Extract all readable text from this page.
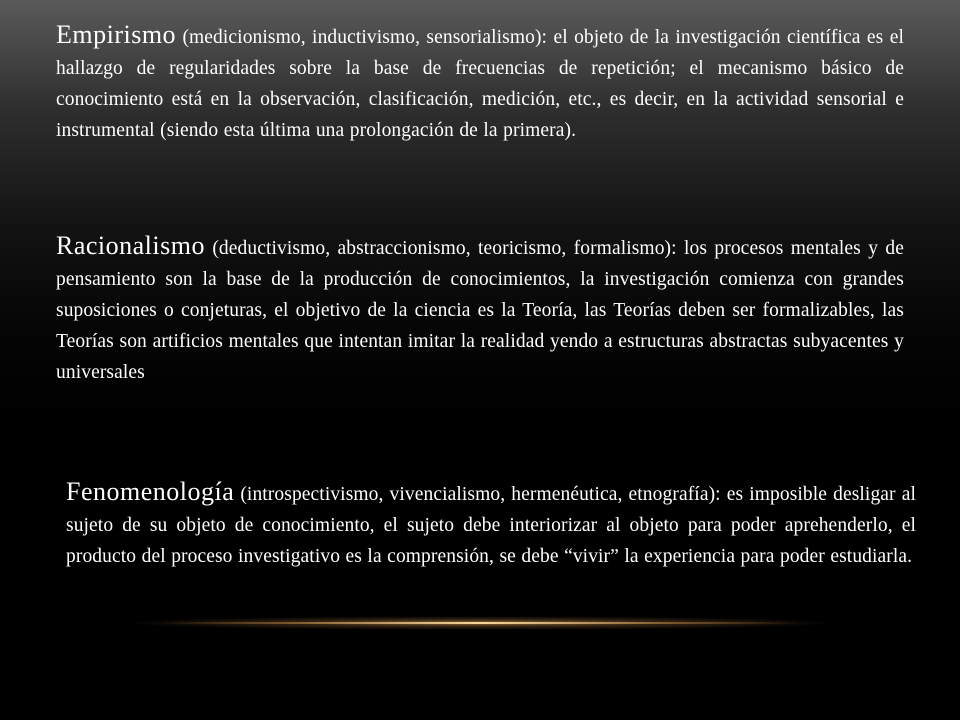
Empirismo (medicionismo, inductivismo, sensorialismo): el objeto de la investigación científica es el hallazgo de regularidades sobre la base de frecuencias de repetición; el mecanismo básico de conocimiento está en la observación, clasificación, medición, etc., es decir, en la actividad sensorial e instrumental (siendo esta última una prolongación de la primera).

Racionalismo (deductivismo, abstraccionismo, teoricismo, formalismo): los procesos mentales y de pensamiento son la base de la producción de conocimientos, la investigación comienza con grandes suposiciones o conjeturas, el objetivo de la ciencia es la Teoría, las Teorías deben ser formalizables, las Teorías son artificios mentales que intentan imitar la realidad yendo a estructuras abstractas subyacentes y universales

Fenomenología (introspectivismo, vivencialismo, hermenéutica, etnografía): es imposible desligar al sujeto de su objeto de conocimiento, el sujeto debe interiorizar al objeto para poder aprehenderlo, el producto del proceso investigativo es la comprensión, se debe “vivir” la experiencia para poder estudiarla.
